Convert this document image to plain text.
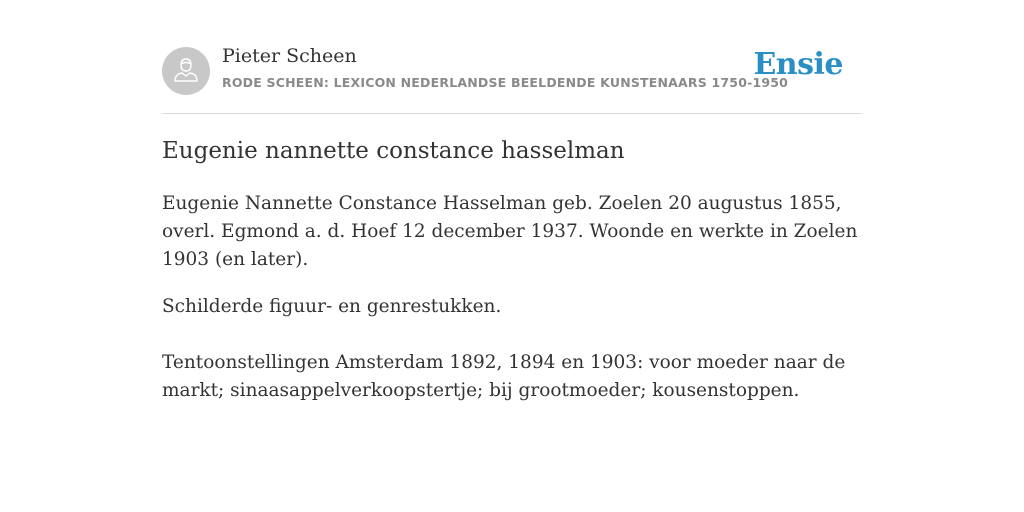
Pieter Scheen
RODE SCHEEN: LEXICON NEDERLANDSE BEELDENDE KUNSTENAARS 1750-1950
Ensie
Eugenie nannette constance hasselman

Eugenie Nannette Constance Hasselman geb. Zoelen 20 augustus 1855, overl. Egmond a. d. Hoef 12 december 1937. Woonde en werkte in Zoelen 1903 (en later).

Schilderde figuur- en genrestukken.

Tentoonstellingen Amsterdam 1892, 1894 en 1903: voor moeder naar de markt; sinaasappelverkoopstertje; bij grootmoeder; kousenstoppen.
